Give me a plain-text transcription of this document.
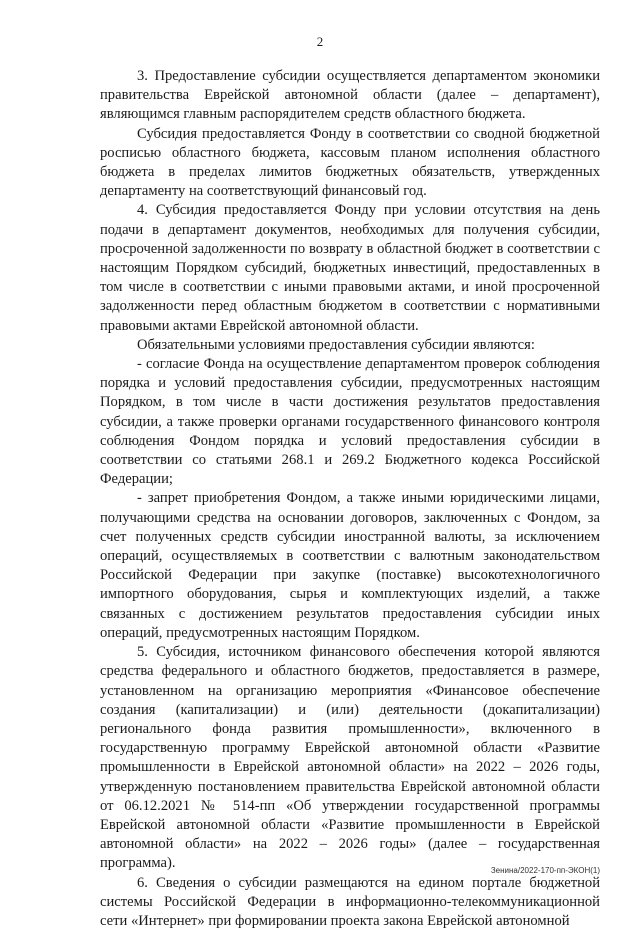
2

3. Предоставление субсидии осуществляется департаментом экономики правительства Еврейской автономной области (далее – департамент), являющимся главным распорядителем средств областного бюджета.

Субсидия предоставляется Фонду в соответствии со сводной бюджетной росписью областного бюджета, кассовым планом исполнения областного бюджета в пределах лимитов бюджетных обязательств, утвержденных департаменту на соответствующий финансовый год.

4. Субсидия предоставляется Фонду при условии отсутствия на день подачи в департамент документов, необходимых для получения субсидии, просроченной задолженности по возврату в областной бюджет в соответствии с настоящим Порядком субсидий, бюджетных инвестиций, предоставленных в том числе в соответствии с иными правовыми актами, и иной просроченной задолженности перед областным бюджетом в соответствии с нормативными правовыми актами Еврейской автономной области.

Обязательными условиями предоставления субсидии являются:

- согласие Фонда на осуществление департаментом проверок соблюдения порядка и условий предоставления субсидии, предусмотренных настоящим Порядком, в том числе в части достижения результатов предоставления субсидии, а также проверки органами государственного финансового контроля соблюдения Фондом порядка и условий предоставления субсидии в соответствии со статьями 268.1 и 269.2 Бюджетного кодекса Российской Федерации;

- запрет приобретения Фондом, а также иными юридическими лицами, получающими средства на основании договоров, заключенных с Фондом, за счет полученных средств субсидии иностранной валюты, за исключением операций, осуществляемых в соответствии с валютным законодательством Российской Федерации при закупке (поставке) высокотехнологичного импортного оборудования, сырья и комплектующих изделий, а также связанных с достижением результатов предоставления субсидии иных операций, предусмотренных настоящим Порядком.

5. Субсидия, источником финансового обеспечения которой являются средства федерального и областного бюджетов, предоставляется в размере, установленном на организацию мероприятия «Финансовое обеспечение создания (капитализации) и (или) деятельности (докапитализации) регионального фонда развития промышленности», включенного в государственную программу Еврейской автономной области «Развитие промышленности в Еврейской автономной области» на 2022 – 2026 годы, утвержденную постановлением правительства Еврейской автономной области от 06.12.2021 № 514-пп «Об утверждении государственной программы Еврейской автономной области «Развитие промышленности в Еврейской автономной области» на 2022 – 2026 годы» (далее – государственная программа).

6. Сведения о субсидии размещаются на едином портале бюджетной системы Российской Федерации в информационно-телекоммуникационной сети «Интернет» при формировании проекта закона Еврейской автономной

Зенина/2022-170-пп-ЭКОН(1)
